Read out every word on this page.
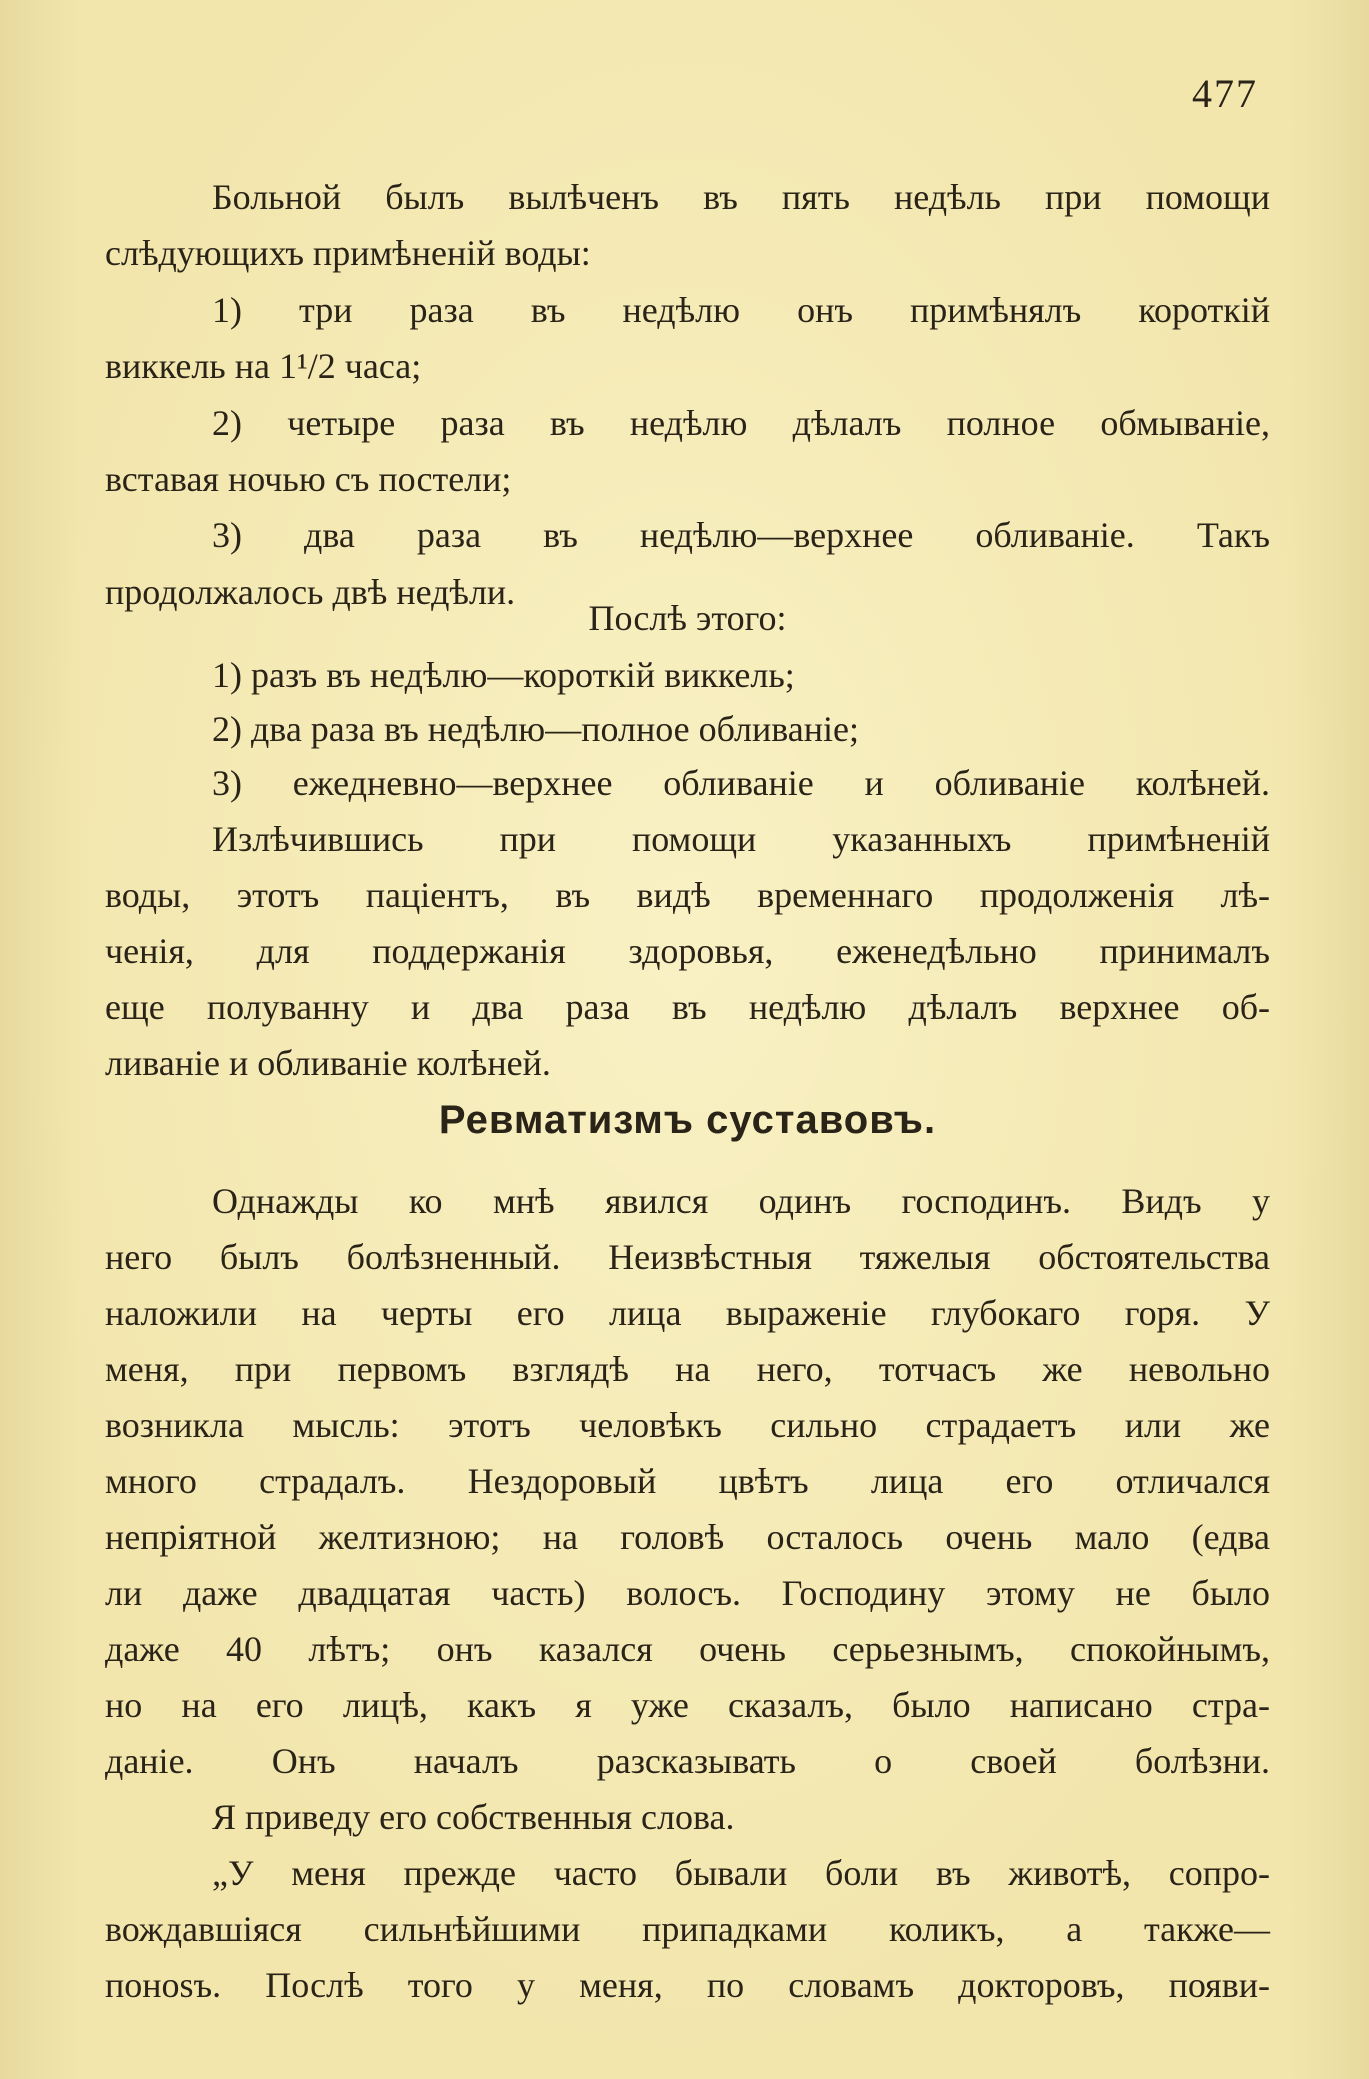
477
Больной былъ вылѣченъ въ пять недѣль при помощи
слѣдующихъ примѣненій воды:
1) три раза въ недѣлю онъ примѣнялъ короткій
виккель на 1¹/2 часа;
2) четыре раза въ недѣлю дѣлалъ полное обмываніе,
вставая ночью съ постели;
3) два раза въ недѣлю—верхнее обливаніе. Такъ
продолжалось двѣ недѣли.
Послѣ этого:
1) разъ въ недѣлю—короткій виккель;
2) два раза въ недѣлю—полное обливаніе;
3) ежедневно—верхнее обливаніе и обливаніе колѣней.
Излѣчившись при помощи указанныхъ примѣненій
воды, этотъ паціентъ, въ видѣ временнаго продолженія лѣ-
ченія, для поддержанія здоровья, еженедѣльно принималъ
еще полуванну и два раза въ недѣлю дѣлалъ верхнее об-
ливаніе и обливаніе колѣней.
Ревматизмъ суставовъ.
Однажды ко мнѣ явился одинъ господинъ. Видъ у
него былъ болѣзненный. Неизвѣстныя тяжелыя обстоятельства
наложили на черты его лица выраженіе глубокаго горя. У
меня, при первомъ взглядѣ на него, тотчасъ же невольно
возникла мысль: этотъ человѣкъ сильно страдаетъ или же
много страдалъ. Нездоровый цвѣтъ лица его отличался
непріятной желтизною; на головѣ осталось очень мало (едва
ли даже двадцатая часть) волосъ. Господину этому не было
даже 40 лѣтъ; онъ казался очень серьезнымъ, спокойнымъ,
но на его лицѣ, какъ я уже сказалъ, было написано стра-
даніе. Онъ началъ разсказывать о своей болѣзни.
Я приведу его собственныя слова.
„У меня прежде часто бывали боли въ животѣ, сопро-
вождавшіяся сильнѣйшими припадками коликъ, а также—
понosъ. Послѣ того у меня, по словамъ докторовъ, появи-
